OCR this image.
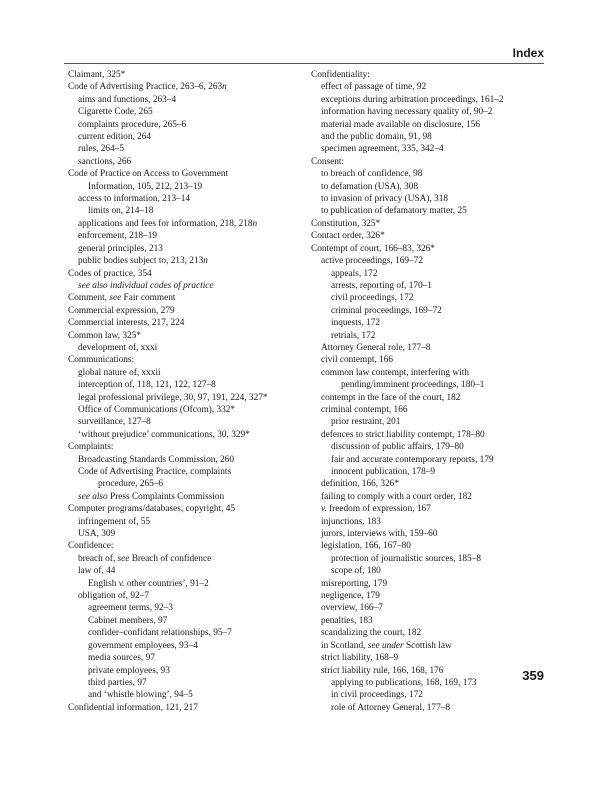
Index
Claimant, 325*
Code of Advertising Practice, 263–6, 263n
aims and functions, 263–4
Cigarette Code, 265
complaints procedure, 265–6
current edition, 264
rules, 264–5
sanctions, 266
Code of Practice on Access to Government
Information, 105, 212, 213–19
access to information, 213–14
limits on, 214–18
applications and fees for information, 218, 218n
enforcement, 218–19
general principles, 213
public bodies subject to, 213, 213n
Codes of practice, 354
see also individual codes of practice
Comment, see Fair comment
Commercial expression, 279
Commercial interests, 217, 224
Common law, 325*
development of, xxxi
Communications:
global nature of, xxxii
interception of, 118, 121, 122, 127–8
legal professional privilege, 30, 97, 191, 224, 327*
Office of Communications (Ofcom), 332*
surveillance, 127–8
‘without prejudice’ communications, 30, 329*
Complaints:
Broadcasting Standards Commission, 260
Code of Advertising Practice, complaints
procedure, 265–6
see also Press Complaints Commission
Computer programs/databases, copyright, 45
infringement of, 55
USA, 309
Confidence:
breach of, see Breach of confidence
law of, 44
English v. other countries’, 91–2
obligation of, 92–7
agreement terms, 92–3
Cabinet members, 97
confider–confidant relationships, 95–7
government employees, 93–4
media sources, 97
private employees, 93
third parties, 97
and ‘whistle blowing’, 94–5
Confidential information, 121, 217
Confidentiality:
effect of passage of time, 92
exceptions during arbitration proceedings, 161–2
information having necessary quality of, 90–2
material made available on disclosure, 156
and the public domain, 91, 98
specimen agreement, 335, 342–4
Consent:
to breach of confidence, 98
to defamation (USA), 308
to invasion of privacy (USA), 318
to publication of defamatory matter, 25
Constitution, 325*
Contact order, 326*
Contempt of court, 166–83, 326*
active proceedings, 169–72
appeals, 172
arrests, reporting of, 170–1
civil proceedings, 172
criminal proceedings, 169–72
inquests, 172
retrials, 172
Attorney General role, 177–8
civil contempt, 166
common law contempt, interfering with
pending/imminent proceedings, 180–1
contempt in the face of the court, 182
criminal contempt, 166
prior restraint, 201
defences to strict liability contempt, 178–80
discussion of public affairs, 179–80
fair and accurate contemporary reports, 179
innocent publication, 178–9
definition, 166, 326*
failing to comply with a court order, 182
v. freedom of expression, 167
injunctions, 183
jurors, interviews with, 159–60
legislation, 166, 167–80
protection of journalistic sources, 185–8
scope of, 180
misreporting, 179
negligence, 179
overview, 166–7
penalties, 183
scandalizing the court, 182
in Scotland, see under Scottish law
strict liability, 168–9
strict liability rule, 166, 168, 176
applying to publications, 168, 169, 173
in civil proceedings, 172
role of Attorney General, 177–8
359
